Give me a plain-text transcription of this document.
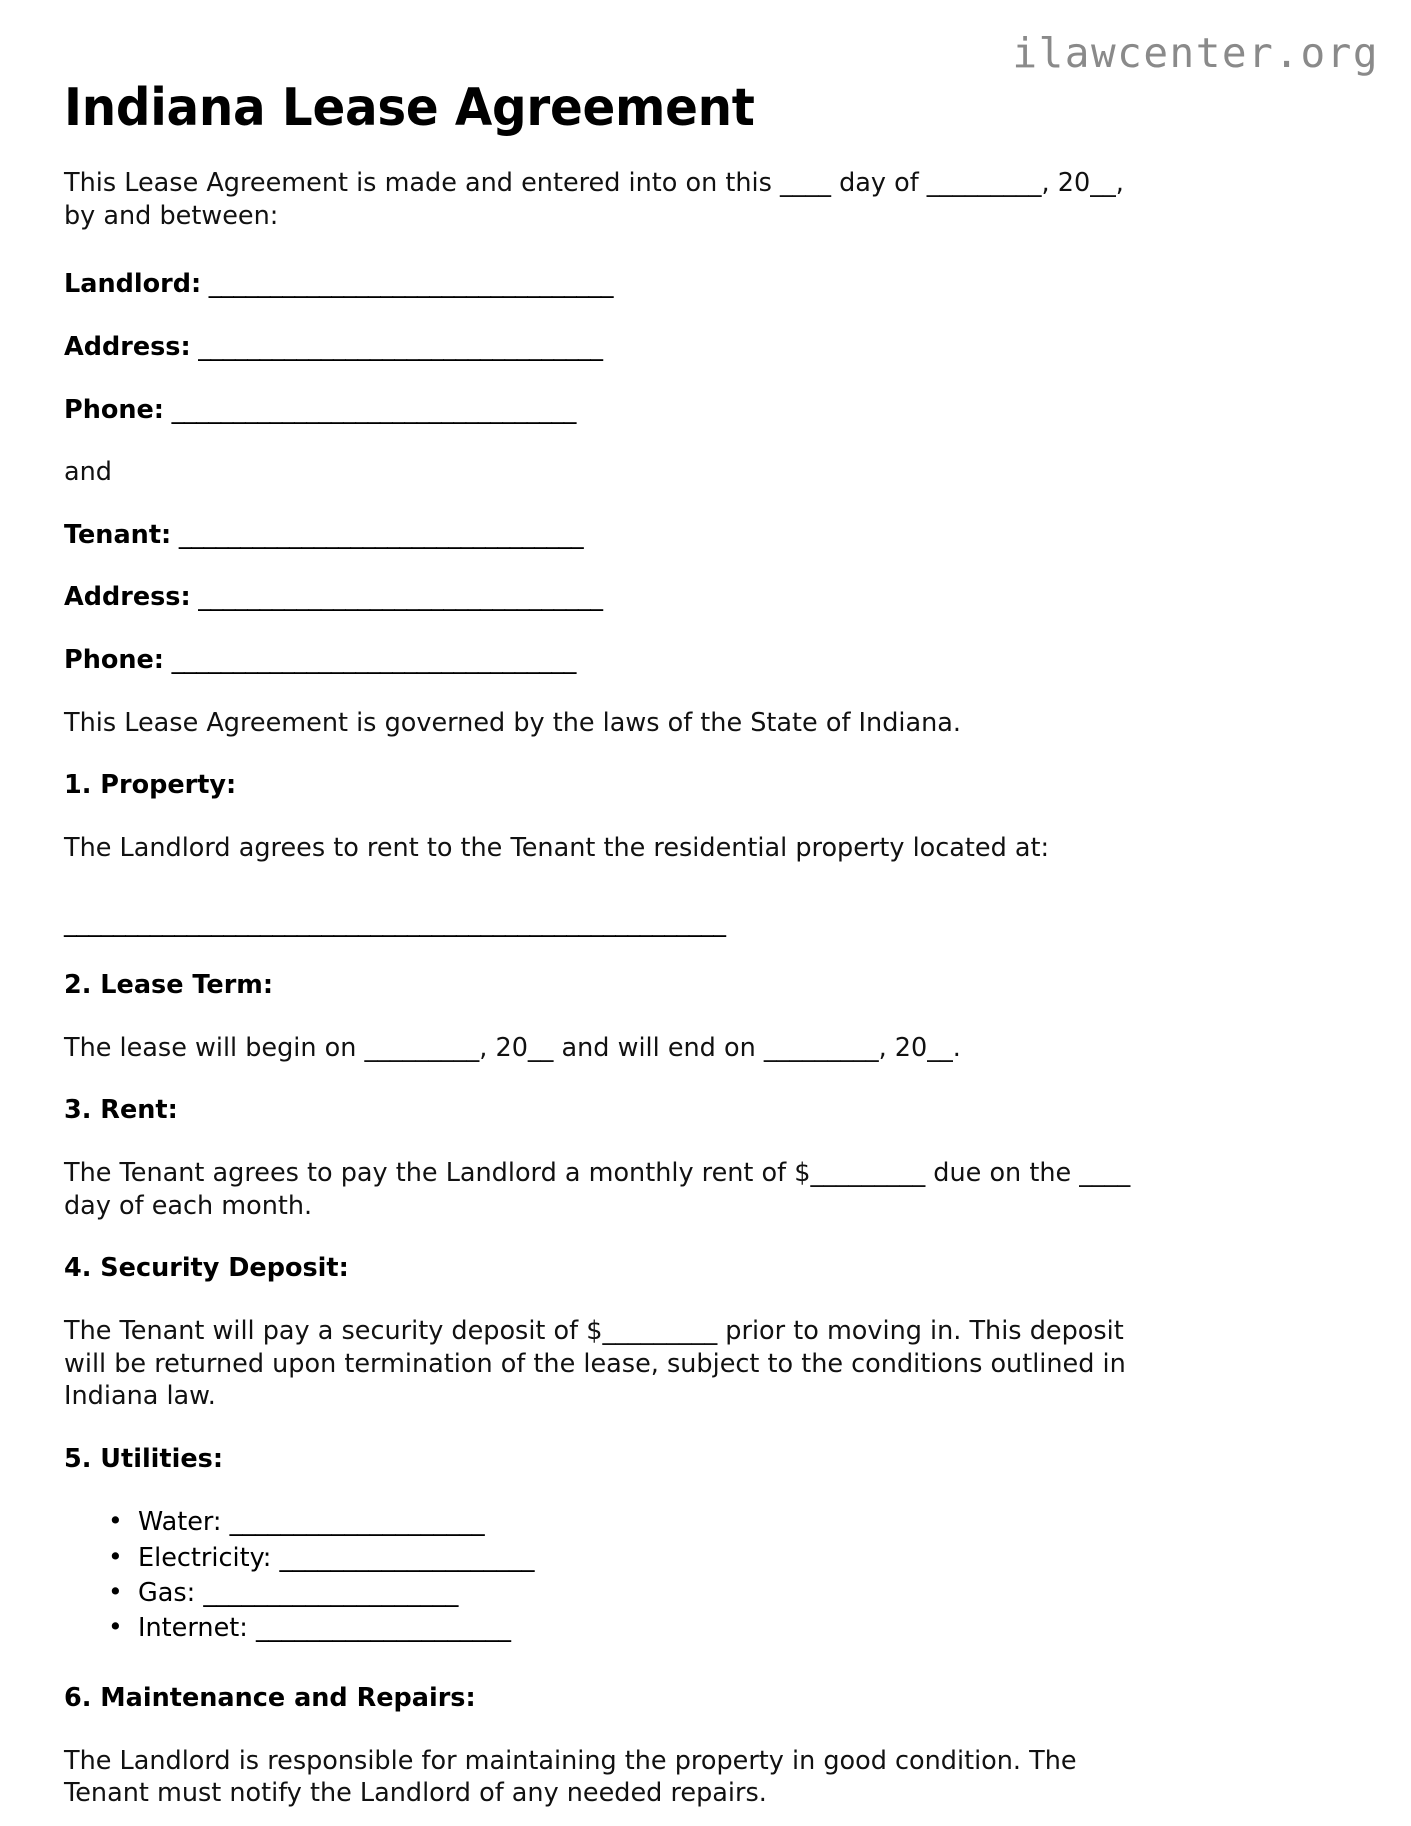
ilawcenter.org
Indiana Lease Agreement

This Lease Agreement is made and entered into on this ____ day of _________, 20__, by and between:

Landlord: _________________________________

Address: _________________________________

Phone: _________________________________

and

Tenant: _________________________________

Address: _________________________________

Phone: _________________________________

This Lease Agreement is governed by the laws of the State of Indiana.

1. Property:

The Landlord agrees to rent to the Tenant the residential property located at:

______________________________________________________

2. Lease Term:

The lease will begin on _________, 20__ and will end on _________, 20__.

3. Rent:

The Tenant agrees to pay the Landlord a monthly rent of $_________ due on the ____ day of each month.

4. Security Deposit:

The Tenant will pay a security deposit of $_________ prior to moving in. This deposit will be returned upon termination of the lease, subject to the conditions outlined in Indiana law.

5. Utilities:
• Water: ____________________
• Electricity: ____________________
• Gas: ____________________
• Internet: ____________________
6. Maintenance and Repairs:

The Landlord is responsible for maintaining the property in good condition. The Tenant must notify the Landlord of any needed repairs.
